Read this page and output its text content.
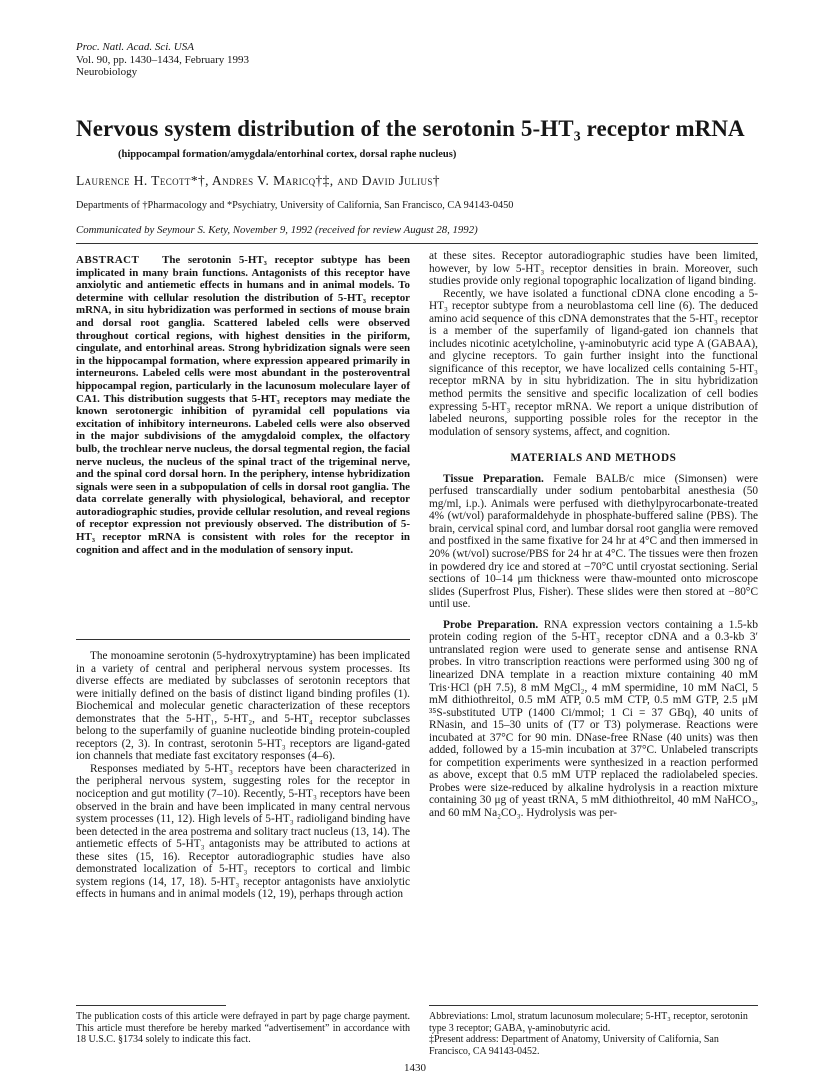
Proc. Natl. Acad. Sci. USA
Vol. 90, pp. 1430–1434, February 1993
Neurobiology
Nervous system distribution of the serotonin 5-HT₃ receptor mRNA
(hippocampal formation/amygdala/entorhinal cortex, dorsal raphe nucleus)
Laurence H. Tecott*†, Andres V. Maricq†‡, and David Julius†
Departments of †Pharmacology and *Psychiatry, University of California, San Francisco, CA 94143-0450
Communicated by Seymour S. Kety, November 9, 1992 (received for review August 28, 1992)

ABSTRACT The serotonin 5-HT₃ receptor subtype has been implicated in many brain functions. Antagonists of this receptor have anxiolytic and antiemetic effects in humans and in animal models. To determine with cellular resolution the distribution of 5-HT₃ receptor mRNA, in situ hybridization was performed in sections of mouse brain and dorsal root ganglia. Scattered labeled cells were observed throughout cortical regions, with highest densities in the piriform, cingulate, and entorhinal areas. Strong hybridization signals were seen in the hippocampal formation, where expression appeared primarily in interneurons. Labeled cells were most abundant in the posteroventral hippocampal region, particularly in the lacunosum moleculare layer of CA1. This distribution suggests that 5-HT₃ receptors may mediate the known serotonergic inhibition of pyramidal cell populations via excitation of inhibitory interneurons. Labeled cells were also observed in the major subdivisions of the amygdaloid complex, the olfactory bulb, the trochlear nerve nucleus, the dorsal tegmental region, the facial nerve nucleus, the nucleus of the spinal tract of the trigeminal nerve, and the spinal cord dorsal horn. In the periphery, intense hybridization signals were seen in a subpopulation of cells in dorsal root ganglia. The data correlate generally with physiological, behavioral, and receptor autoradiographic studies, provide cellular resolution, and reveal regions of receptor expression not previously observed. The distribution of 5-HT₃ receptor mRNA is consistent with roles for the receptor in cognition and affect and in the modulation of sensory input.

The monoamine serotonin (5-hydroxytryptamine) has been implicated in a variety of central and peripheral nervous system processes. Its diverse effects are mediated by subclasses of serotonin receptors that were initially defined on the basis of distinct ligand binding profiles (1). Biochemical and molecular genetic characterization of these receptors demonstrates that the 5-HT₁, 5-HT₂, and 5-HT₄ receptor subclasses belong to the superfamily of guanine nucleotide binding protein-coupled receptors (2, 3). In contrast, serotonin 5-HT₃ receptors are ligand-gated ion channels that mediate fast excitatory responses (4–6).

Responses mediated by 5-HT₃ receptors have been characterized in the peripheral nervous system, suggesting roles for the receptor in nociception and gut motility (7–10). Recently, 5-HT₃ receptors have been observed in the brain and have been implicated in many central nervous system processes (11, 12). High levels of 5-HT₃ radioligand binding have been detected in the area postrema and solitary tract nucleus (13, 14). The antiemetic effects of 5-HT₃ antagonists may be attributed to actions at these sites (15, 16). Receptor autoradiographic studies have also demonstrated localization of 5-HT₃ receptors to cortical and limbic system regions (14, 17, 18). 5-HT₃ receptor antagonists have anxiolytic effects in humans and in animal models (12, 19), perhaps through action

at these sites. Receptor autoradiographic studies have been limited, however, by low 5-HT₃ receptor densities in brain. Moreover, such studies provide only regional topographic localization of ligand binding.

Recently, we have isolated a functional cDNA clone encoding a 5-HT₃ receptor subtype from a neuroblastoma cell line (6). The deduced amino acid sequence of this cDNA demonstrates that the 5-HT₃ receptor is a member of the superfamily of ligand-gated ion channels that includes nicotinic acetylcholine, γ-aminobutyric acid type A (GABAA), and glycine receptors. To gain further insight into the functional significance of this receptor, we have localized cells containing 5-HT₃ receptor mRNA by in situ hybridization. The in situ hybridization method permits the sensitive and specific localization of cell bodies expressing 5-HT₃ receptor mRNA. We report a unique distribution of labeled neurons, supporting possible roles for the receptor in the modulation of sensory systems, affect, and cognition.

MATERIALS AND METHODS

Tissue Preparation. Female BALB/c mice (Simonsen) were perfused transcardially under sodium pentobarbital anesthesia (50 mg/ml, i.p.). Animals were perfused with diethylpyrocarbonate-treated 4% (wt/vol) paraformaldehyde in phosphate-buffered saline (PBS). The brain, cervical spinal cord, and lumbar dorsal root ganglia were removed and postfixed in the same fixative for 24 hr at 4°C and then immersed in 20% (wt/vol) sucrose/PBS for 24 hr at 4°C. The tissues were then frozen in powdered dry ice and stored at −70°C until cryostat sectioning. Serial sections of 10–14 μm thickness were thaw-mounted onto microscope slides (Superfrost Plus, Fisher). These slides were then stored at −80°C until use.

Probe Preparation. RNA expression vectors containing a 1.5-kb protein coding region of the 5-HT₃ receptor cDNA and a 0.3-kb 3′ untranslated region were used to generate sense and antisense RNA probes. In vitro transcription reactions were performed using 300 ng of linearized DNA template in a reaction mixture containing 40 mM Tris·HCl (pH 7.5), 8 mM MgCl₂, 4 mM spermidine, 10 mM NaCl, 5 mM dithiothreitol, 0.5 mM ATP, 0.5 mM CTP, 0.5 mM GTP, 2.5 μM ³⁵S-substituted UTP (1400 Ci/mmol; 1 Ci = 37 GBq), 40 units of RNasin, and 15–30 units of (T7 or T3) polymerase. Reactions were incubated at 37°C for 90 min. DNase-free RNase (40 units) was then added, followed by a 15-min incubation at 37°C. Unlabeled transcripts for competition experiments were synthesized in a reaction performed as above, except that 0.5 mM UTP replaced the radiolabeled species. Probes were size-reduced by alkaline hydrolysis in a reaction mixture containing 30 μg of yeast tRNA, 5 mM dithiothreitol, 40 mM NaHCO₃, and 60 mM Na₂CO₃. Hydrolysis was per-

The publication costs of this article were defrayed in part by page charge payment. This article must therefore be hereby marked “advertisement” in accordance with 18 U.S.C. §1734 solely to indicate this fact.
Abbreviations: Lmol, stratum lacunosum moleculare; 5-HT₃ receptor, serotonin type 3 receptor; GABA, γ-aminobutyric acid.
‡Present address: Department of Anatomy, University of California, San Francisco, CA 94143-0452.
1430
